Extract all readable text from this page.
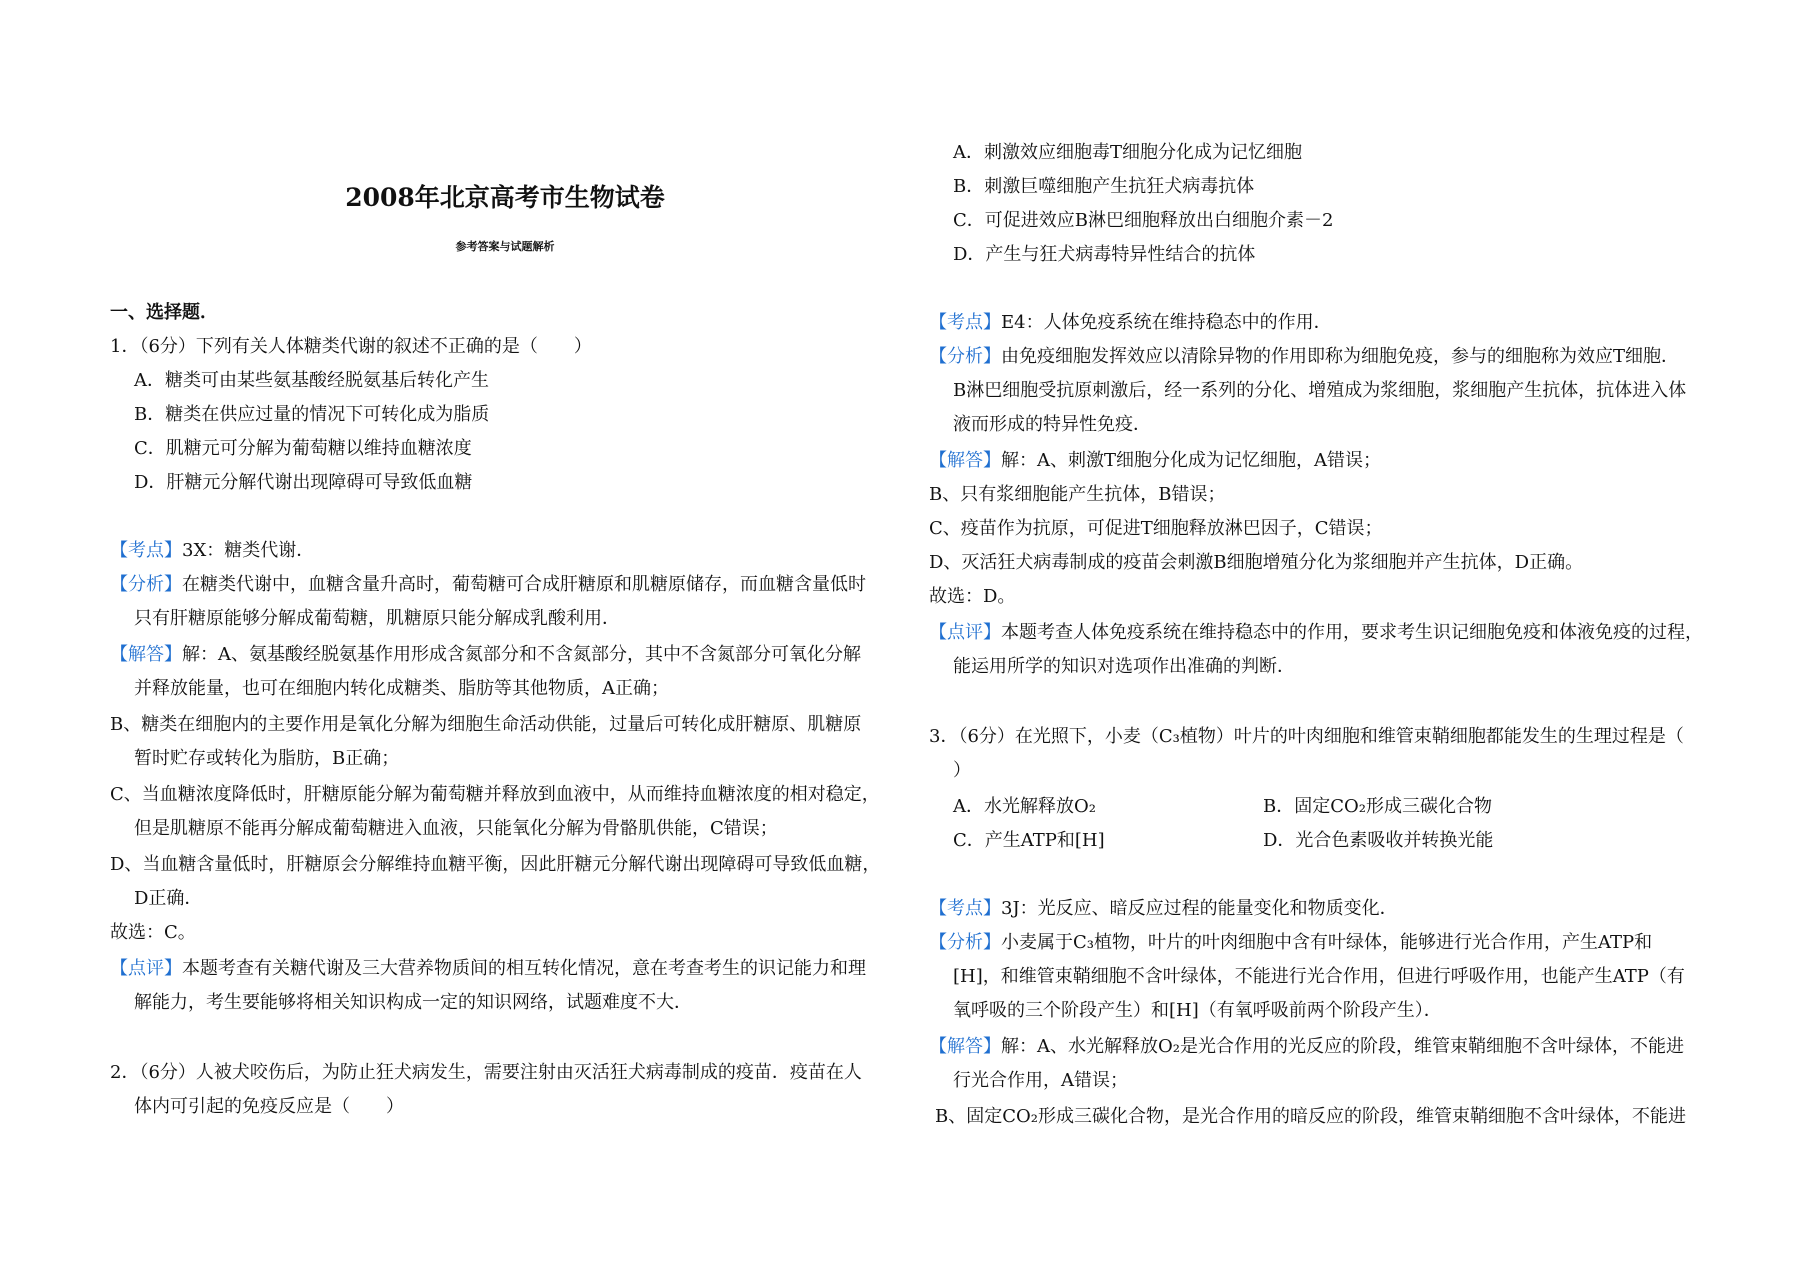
2008年北京高考市生物试卷
参考答案与试题解析
一、选择题．
1．（6分）下列有关人体糖类代谢的叙述不正确的是（　　）
A．糖类可由某些氨基酸经脱氨基后转化产生
B．糖类在供应过量的情况下可转化成为脂质
C．肌糖元可分解为葡萄糖以维持血糖浓度
D．肝糖元分解代谢出现障碍可导致低血糖
【考点】3X：糖类代谢．
【分析】在糖类代谢中，血糖含量升高时，葡萄糖可合成肝糖原和肌糖原储存，而血糖含量低时
只有肝糖原能够分解成葡萄糖，肌糖原只能分解成乳酸利用．
【解答】解：A、氨基酸经脱氨基作用形成含氮部分和不含氮部分，其中不含氮部分可氧化分解
并释放能量，也可在细胞内转化成糖类、脂肪等其他物质，A正确；
B、糖类在细胞内的主要作用是氧化分解为细胞生命活动供能，过量后可转化成肝糖原、肌糖原
暂时贮存或转化为脂肪，B正确；
C、当血糖浓度降低时，肝糖原能分解为葡萄糖并释放到血液中，从而维持血糖浓度的相对稳定，
但是肌糖原不能再分解成葡萄糖进入血液，只能氧化分解为骨骼肌供能，C错误；
D、当血糖含量低时，肝糖原会分解维持血糖平衡，因此肝糖元分解代谢出现障碍可导致低血糖，
D正确．
故选：C。
【点评】本题考查有关糖代谢及三大营养物质间的相互转化情况，意在考查考生的识记能力和理
解能力，考生要能够将相关知识构成一定的知识网络，试题难度不大．
2．（6分）人被犬咬伤后，为防止狂犬病发生，需要注射由灭活狂犬病毒制成的疫苗．疫苗在人
体内可引起的免疫反应是（　　）
A．刺激效应细胞毒T细胞分化成为记忆细胞
B．刺激巨噬细胞产生抗狂犬病毒抗体
C．可促进效应B淋巴细胞释放出白细胞介素－2
D．产生与狂犬病毒特异性结合的抗体
【考点】E4：人体免疫系统在维持稳态中的作用．
【分析】由免疫细胞发挥效应以清除异物的作用即称为细胞免疫，参与的细胞称为效应T细胞．
B淋巴细胞受抗原刺激后，经一系列的分化、增殖成为浆细胞，浆细胞产生抗体，抗体进入体
液而形成的特异性免疫．
【解答】解：A、刺激T细胞分化成为记忆细胞，A错误；
B、只有浆细胞能产生抗体，B错误；
C、疫苗作为抗原，可促进T细胞释放淋巴因子，C错误；
D、灭活狂犬病毒制成的疫苗会刺激B细胞增殖分化为浆细胞并产生抗体，D正确。
故选：D。
【点评】本题考查人体免疫系统在维持稳态中的作用，要求考生识记细胞免疫和体液免疫的过程，
能运用所学的知识对选项作出准确的判断．
3．（6分）在光照下，小麦（C₃植物）叶片的叶肉细胞和维管束鞘细胞都能发生的生理过程是（
）
A．水光解释放O₂	B．固定CO₂形成三碳化合物
C．产生ATP和[H]	D．光合色素吸收并转换光能
【考点】3J：光反应、暗反应过程的能量变化和物质变化．
【分析】小麦属于C₃植物，叶片的叶肉细胞中含有叶绿体，能够进行光合作用，产生ATP和
[H]，和维管束鞘细胞不含叶绿体，不能进行光合作用，但进行呼吸作用，也能产生ATP（有
氧呼吸的三个阶段产生）和[H]（有氧呼吸前两个阶段产生）．
【解答】解：A、水光解释放O₂是光合作用的光反应的阶段，维管束鞘细胞不含叶绿体，不能进
行光合作用，A错误；
B、固定CO₂形成三碳化合物，是光合作用的暗反应的阶段，维管束鞘细胞不含叶绿体，不能进
